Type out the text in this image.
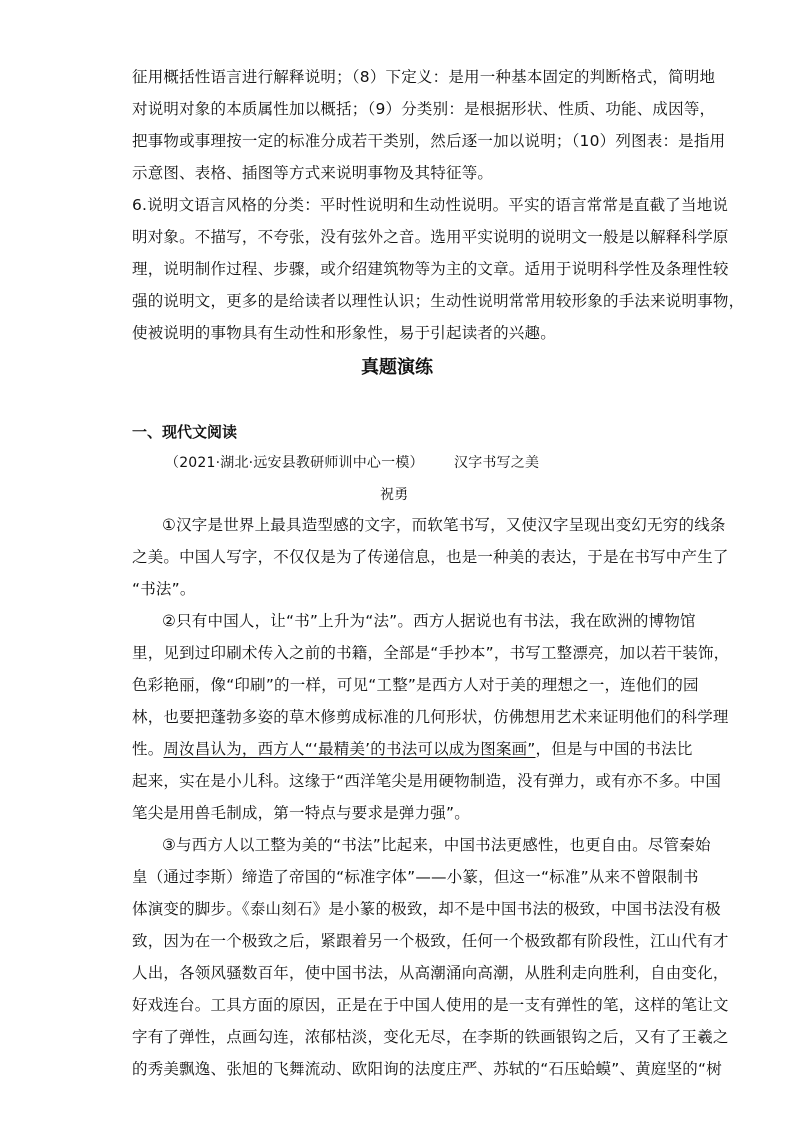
征用概括性语言进行解释说明；（8）下定义：是用一种基本固定的判断格式，简明地
对说明对象的本质属性加以概括；（9）分类别：是根据形状、性质、功能、成因等，
把事物或事理按一定的标准分成若干类别，然后逐一加以说明；（10）列图表：是指用
示意图、表格、插图等方式来说明事物及其特征等。
6.说明文语言风格的分类：平时性说明和生动性说明。平实的语言常常是直截了当地说
明对象。不描写，不夸张，没有弦外之音。选用平实说明的说明文一般是以解释科学原
理，说明制作过程、步骤，或介绍建筑物等为主的文章。适用于说明科学性及条理性较
强的说明文，更多的是给读者以理性认识；生动性说明常常用较形象的手法来说明事物，
使被说明的事物具有生动性和形象性，易于引起读者的兴趣。
真题演练
一、现代文阅读
（2021·湖北·远安县教研师训中心一模） 汉字书写之美
祝勇
①汉字是世界上最具造型感的文字，而软笔书写，又使汉字呈现出变幻无穷的线条
之美。中国人写字，不仅仅是为了传递信息，也是一种美的表达，于是在书写中产生了
“书法”。
②只有中国人，让“书”上升为“法”。西方人据说也有书法，我在欧洲的博物馆
里，见到过印刷术传入之前的书籍，全部是“手抄本”，书写工整漂亮，加以若干装饰，
色彩艳丽，像“印刷”的一样，可见“工整”是西方人对于美的理想之一，连他们的园
林，也要把蓬勃多姿的草木修剪成标准的几何形状，仿佛想用艺术来证明他们的科学理
性。周汝昌认为，西方人“‘最精美’的书法可以成为图案画”，但是与中国的书法比
起来，实在是小儿科。这缘于“西洋笔尖是用硬物制造，没有弹力，或有亦不多。中国
笔尖是用兽毛制成，第一特点与要求是弹力强”。
③与西方人以工整为美的“书法”比起来，中国书法更感性，也更自由。尽管秦始
皇（通过李斯）缔造了帝国的“标准字体”——小篆，但这一“标准”从来不曾限制书
体演变的脚步。《泰山刻石》是小篆的极致，却不是中国书法的极致，中国书法没有极
致，因为在一个极致之后，紧跟着另一个极致，任何一个极致都有阶段性，江山代有才
人出，各领风骚数百年，使中国书法，从高潮涌向高潮，从胜利走向胜利，自由变化，
好戏连台。工具方面的原因，正是在于中国人使用的是一支有弹性的笔，这样的笔让文
字有了弹性，点画勾连，浓郁枯淡，变化无尽，在李斯的铁画银钩之后，又有了王羲之
的秀美飘逸、张旭的飞舞流动、欧阳询的法度庄严、苏轼的“石压蛤蟆”、黄庭坚的“树
